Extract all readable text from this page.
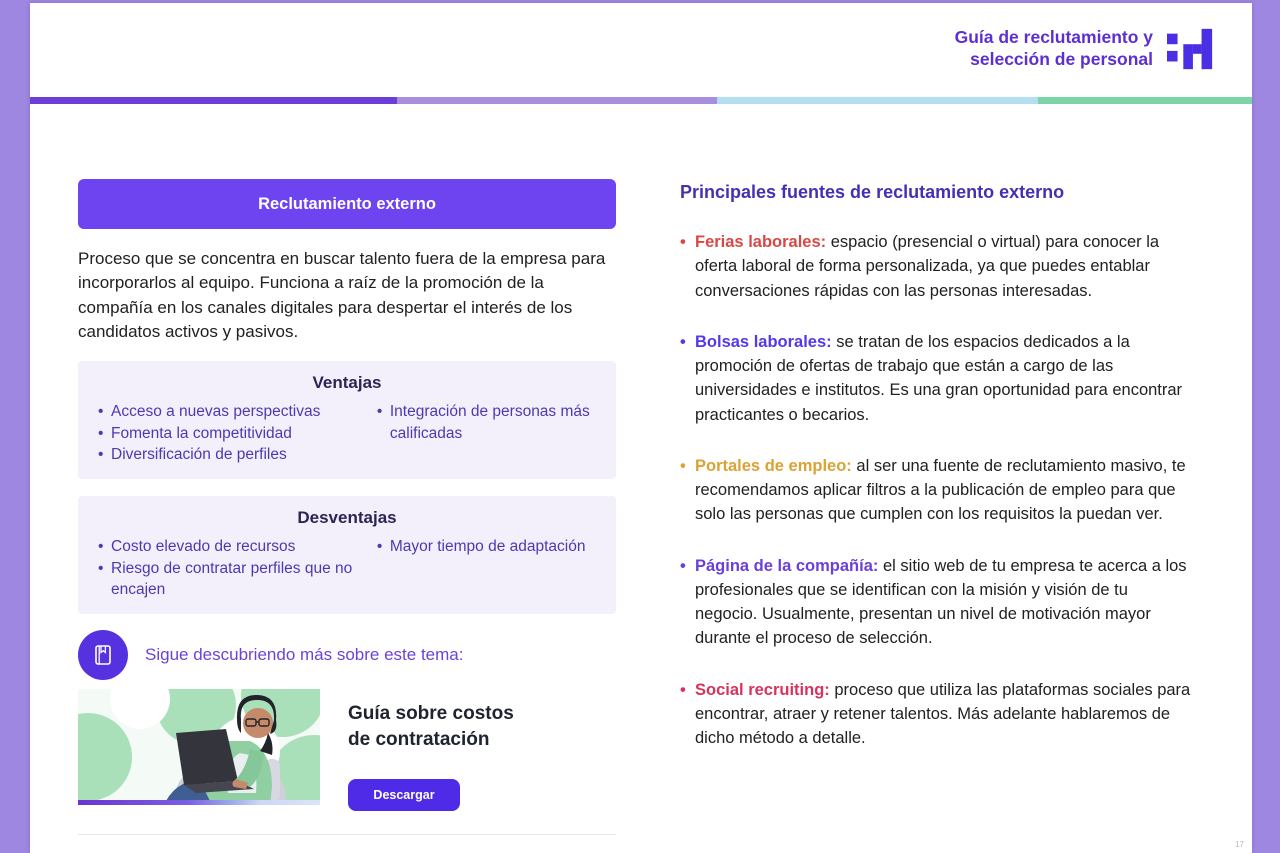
Guía de reclutamiento y
selección de personal
Reclutamiento externo

Proceso que se concentra en buscar talento fuera de la empresa para incorporarlos al equipo. Funciona a raíz de la promoción de la compañía en los canales digitales para despertar el interés de los candidatos activos y pasivos.

Ventajas
• Acceso a nuevas perspectivas
• Fomenta la competitividad
• Diversificación de perfiles
• Integración de personas más calificadas
Desventajas
• Costo elevado de recursos
• Riesgo de contratar perfiles que no encajen
• Mayor tiempo de adaptación
Sigue descubriendo más sobre este tema:
Guía sobre costos
de contratación
Descargar
Principales fuentes de reclutamiento externo
• Ferias laborales: espacio (presencial o virtual) para conocer la oferta laboral de forma personalizada, ya que puedes entablar conversaciones rápidas con las personas interesadas.
• Bolsas laborales: se tratan de los espacios dedicados a la promoción de ofertas de trabajo que están a cargo de las universidades e institutos. Es una gran oportunidad para encontrar practicantes o becarios.
• Portales de empleo: al ser una fuente de reclutamiento masivo, te recomendamos aplicar filtros a la publicación de empleo para que solo las personas que cumplen con los requisitos la puedan ver.
• Página de la compañía: el sitio web de tu empresa te acerca a los profesionales que se identifican con la misión y visión de tu negocio. Usualmente, presentan un nivel de motivación mayor durante el proceso de selección.
• Social recruiting: proceso que utiliza las plataformas sociales para encontrar, atraer y retener talentos. Más adelante hablaremos de dicho método a detalle.
17
